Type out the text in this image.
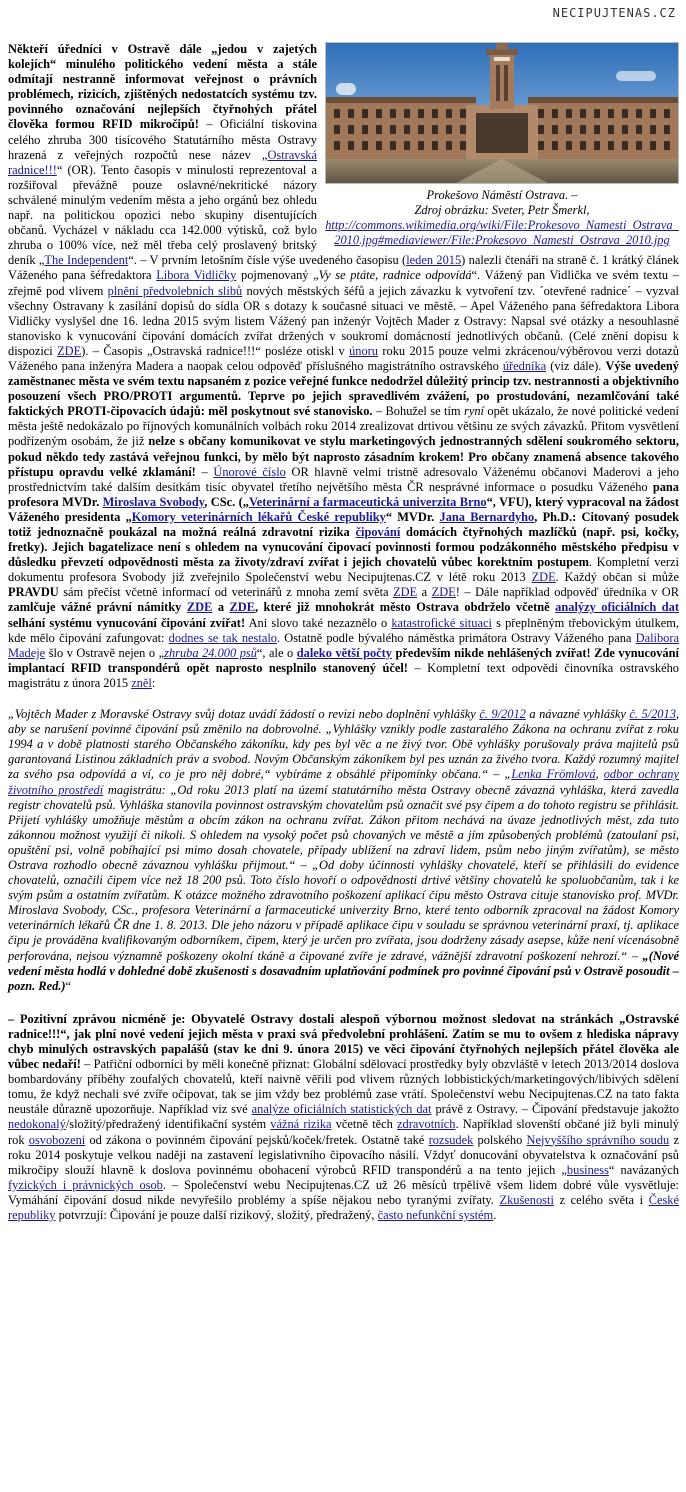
NECIPUJTENAS.CZ
Prokešovo Náměstí Ostrava. –
Zdroj obrázku: Sveter, Petr Šmerkl,
http://commons.wikimedia.org/wiki/File:Prokesovo_Namesti_Ostrava_2010.jpg#mediaviewer/File:Prokesovo_Namesti_Ostrava_2010.jpg

Někteří úředníci v Ostravě dále „jedou v zajetých kolejích“ minulého politického vedení města a stále odmítají nestranně informovat veřejnost o právních problémech, rizicích, zjištěných nedostatcích systému tzv. povinného označování nejlepších čtyřnohých přátel člověka formou RFID mikročipů! – Oficiální tiskovina celého zhruba 300 tisícového Statutárního města Ostravy hrazená z veřejných rozpočtů nese název „Ostravská radnice!!!“ (OR). Tento časopis v minulosti reprezentoval a rozšiřoval převážně pouze oslavné/nekritické názory schválené minulým vedením města a jeho orgánů bez ohledu např. na politickou opozici nebo skupiny disentujících občanů. Vycházel v nákladu cca 142.000 výtisků, což bylo zhruba o 100% více, než měl třeba celý proslavený britský deník „The Independent“. – V prvním letošním čísle výše uvedeného časopisu (leden 2015) nalezli čtenáři na straně č. 1 krátký článek Váženého pana šéfredaktora Libora Vidličky pojmenovaný „Vy se ptáte, radnice odpovídá“. Vážený pan Vidlička ve svém textu – zřejmě pod vlivem plnění předvolebních slibů nových městských šéfů a jejich závazku k vytvoření tzv. ´otevřené radnice´ – vyzval všechny Ostravany k zasílání dopisů do sídla OR s dotazy k současné situaci ve městě. – Apel Váženého pana šéfredaktora Libora Vidličky vyslyšel dne 16. ledna 2015 svým listem Vážený pan inženýr Vojtěch Mader z Ostravy: Napsal své otázky a nesouhlasné stanovisko k vynucování čipování domácích zvířat držených v soukromí domácností jednotlivých občanů. (Celé znění dopisu k dispozici ZDE). – Časopis „Ostravská radnice!!!“ posléze otiskl v únoru roku 2015 pouze velmi zkrácenou/výběrovou verzi dotazů Váženého pana inženýra Madera a naopak celou odpověď příslušného magistrátního ostravského úředníka (viz dále). Výše uvedený zaměstnanec města ve svém textu napsaném z pozice veřejné funkce nedodržel důležitý princip tzv. nestrannosti a objektivního posouzení všech PRO/PROTI argumentů. Teprve po jejich spravedlivém zvážení, po prostudování, nezamlčování také faktických PROTI-čipovacích údajů: měl poskytnout své stanovisko. – Bohužel se tím ryní opět ukázalo, že nové politické vedení města ještě nedokázalo po říjnových komunálních volbách roku 2014 zrealizovat drtivou většinu ze svých závazků. Přitom vysvětlení podřízeným osobám, že již nelze s občany komunikovat ve stylu marketingových jednostranných sdělení soukromého sektoru, pokud někdo tedy zastává veřejnou funkci, by mělo být naprosto zásadním krokem! Pro občany znamená absence takového přístupu opravdu velké zklamání! – Únorové číslo OR hlavně velmi tristně adresovalo Váženému občanovi Maderovi a jeho prostřednictvím také dalším desítkám tisíc obyvatel třetího největšího města ČR nesprávné informace o posudku Váženého pana profesora MVDr. Miroslava Svobody, CSc. („Veterinární a farmaceutická univerzita Brno“, VFU), který vypracoval na žádost Váženého presidenta „Komory veterinárních lékařů České republiky“ MVDr. Jana Bernardyho, Ph.D.: Citovaný posudek totiž jednoznačně poukázal na možná reálná zdravotní rizika čipování domácích čtyřnohých mazlíčků (např. psi, kočky, fretky). Jejich bagatelizace není s ohledem na vynucování čipovací povinnosti formou podzákonného městského předpisu v důsledku převzetí odpovědnosti města za životy/zdraví zvířat i jejich chovatelů vůbec korektním postupem. Kompletní verzi dokumentu profesora Svobody již zveřejnilo Společenství webu Necipujtenas.CZ v létě roku 2013 ZDE. Každý občan si může PRAVDU sám přečíst včetně informací od veterinářů z mnoha zemí světa ZDE a ZDE! – Dále například odpověď úředníka v OR zamlčuje vážné právní námitky ZDE a ZDE, které již mnohokrát město Ostrava obdrželo včetně analýzy oficiálních dat selhání systému vynucování čipování zvířat! Ani slovo také nezaznělo o katastrofické situaci s přeplněným třebovickým útulkem, kde mělo čipování zafungovat: dodnes se tak nestalo. Ostatně podle bývalého náměstka primátora Ostravy Váženého pana Dalibora Madeje šlo v Ostravě nejen o „zhruba 24.000 psů“, ale o daleko větší počty především nikde nehlášených zvířat! Zde vynucování implantací RFID transpondérů opět naprosto nesplnilo stanovený účel! – Kompletní text odpovědi činovníka ostravského magistrátu z února 2015 zněl:

„Vojtěch Mader z Moravské Ostravy svůj dotaz uvádí žádostí o revizi nebo doplnění vyhlášky č. 9/2012 a návazné vyhlášky č. 5/2013, aby se narušení povinné čipování psů změnilo na dobrovolné. „Vyhlášky vznikly podle zastaralého Zákona na ochranu zvířat z roku 1994 a v době platnosti starého Občanského zákoníku, kdy pes byl věc a ne živý tvor. Obě vyhlášky porušovaly práva majitelů psů garantovaná Listinou základních práv a svobod. Novým Občanským zákoníkem byl pes uznán za živého tvora. Každý rozumný majitel za svého psa odpovídá a ví, co je pro něj dobré,“ vybíráme z obsáhlé připomínky občana.“ – „Lenka Frömlová, odbor ochrany životního prostředí magistrátu: „Od roku 2013 platí na území statutárního města Ostravy obecně závazná vyhláška, která zavedla registr chovatelů psů. Vyhláška stanovila povinnost ostravským chovatelům psů označit své psy čipem a do tohoto registru se přihlásit. Přijetí vyhlášky umožňuje městům a obcím zákon na ochranu zvířat. Zákon přitom nechává na úvaze jednotlivých měst, zda tuto zákonnou možnost využijí či nikoli. S ohledem na vysoký počet psů chovaných ve městě a jím způsobených problémů (zatoulaní psi, opuštění psi, volně pobíhající psi mimo dosah chovatele, případy ublížení na zdraví lidem, psům nebo jiným zvířatům), se město Ostrava rozhodlo obecně závaznou vyhlášku přijmout.“ – „Od doby účinnosti vyhlášky chovatelé, kteří se přihlásili do evidence chovatelů, označili čipem více než 18 200 psů. Toto číslo hovoří o odpovědnosti drtivé většiny chovatelů ke spoluobčanům, tak i ke svým psům a ostatním zvířatům. K otázce možného zdravotního poškození aplikací čipu město Ostrava cituje stanovisko prof. MVDr. Miroslava Svobody, CSc., profesora Veterinární a farmaceutické univerzity Brno, které tento odborník zpracoval na žádost Komory veterinárních lékařů ČR dne 1. 8. 2013. Dle jeho názoru v případě aplikace čipu v souladu se správnou veterinární praxí, tj. aplikace čipu je prováděna kvalifikovaným odborníkem, čipem, který je určen pro zvířata, jsou dodrženy zásady asepse, kůže není vícenásobně perforována, nejsou významně poškozeny okolní tkáně a čipované zvíře je zdravé, vážnější zdravotní poškození nehrozí.“ – „(Nové vedení města hodlá v dohledné době zkušenosti s dosavadním uplatňování podmínek pro povinné čipování psů v Ostravě posoudit – pozn. Red.)“

– Pozitivní zprávou nicméně je: Obyvatelé Ostravy dostali alespoň výbornou možnost sledovat na stránkách „Ostravské radnice!!!“, jak plní nové vedení jejich města v praxi svá předvolební prohlášení. Zatím se mu to ovšem z hlediska nápravy chyb minulých ostravských papalášů (stav ke dni 9. února 2015) ve věci čipování čtyřnohých nejlepších přátel člověka ale vůbec nedaří! – Patřiční odborníci by měli konečně přiznat: Globální sdělovací prostředky byly obzvláště v letech 2013/2014 doslova bombardovány příběhy zoufalých chovatelů, kteří naivně věřili pod vlivem různých lobbistických/marketingových/libivých sdělení tomu, že když nechali své zvíře očipovat, tak se jim vždy bez problémů zase vrátí. Společenství webu Necipujtenas.CZ na tato fakta neustále důrazně upozorňuje. Například viz své analýze oficiálních statistických dat právě z Ostravy. – Čipování představuje jakožto nedokonalý/složitý/předražený identifikační systém vážná rizika včetně těch zdravotních. Například slovenští občané již byli minulý rok osvobozeni od zákona o povinném čipování pejsků/koček/fretek. Ostatně také rozsudek polského Nejvyššího správního soudu z roku 2014 poskytuje velkou naději na zastavení legislativního čipovacího násilí. Vždyť donucování obyvatelstva k označování psů mikročipy slouží hlavně k doslova povinnému obohacení výrobců RFID transpondérů a na tento jejich „business“ navázaných fyzických i právnických osob. – Společenství webu Necipujtenas.CZ už 26 měsíců trpělivě všem lidem dobré vůle vysvětluje: Vymáhání čipování dosud nikde nevyřešilo problémy a spíše nějakou nebo tyranými zvířaty. Zkušenosti z celého světa i České republiky potvrzují: Čipování je pouze další rizikový, složitý, předražený, často nefunkční systém.
